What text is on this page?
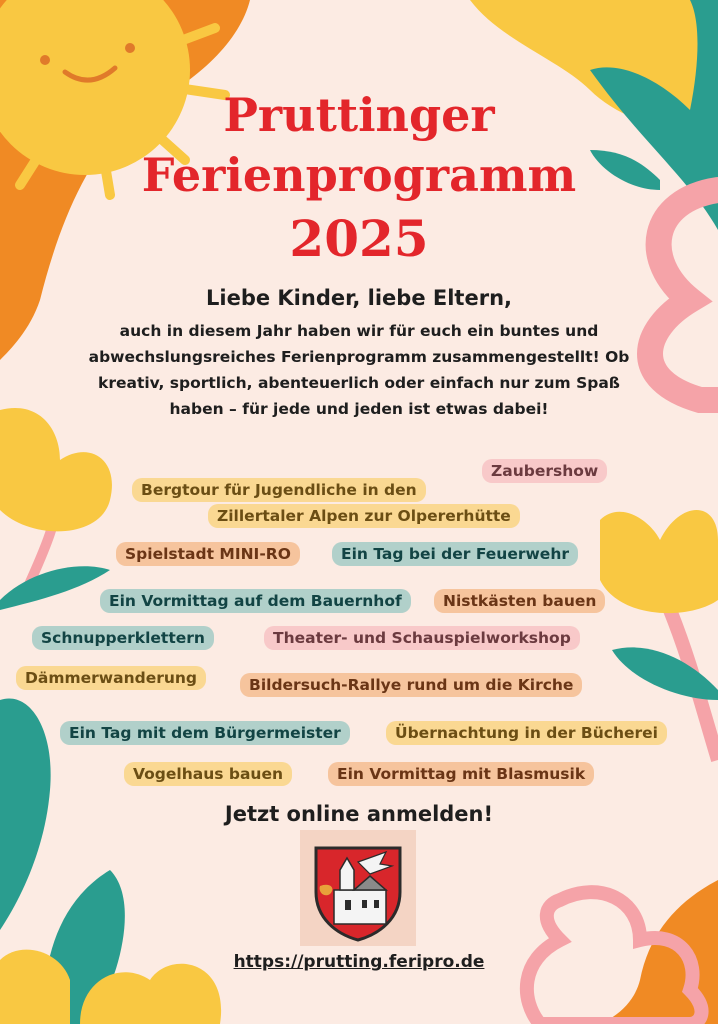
Pruttinger
Ferienprogramm
2025
Liebe Kinder, liebe Eltern,
auch in diesem Jahr haben wir für euch ein buntes und abwechslungsreiches Ferienprogramm zusammengestellt! Ob kreativ, sportlich, abenteuerlich oder einfach nur zum Spaß haben – für jede und jeden ist etwas dabei!
Zaubershow
Bergtour für Jugendliche in den
Zillertaler Alpen zur Olpererhütte
Spielstadt MINI-RO	Ein Tag bei der Feuerwehr
Ein Vormittag auf dem Bauernhof	Nistkästen bauen
Schnupperklettern	Theater- und Schauspielworkshop
Dämmerwanderung	Bildersuch-Rallye rund um die Kirche
Ein Tag mit dem Bürgermeister	Übernachtung in der Bücherei
Vogelhaus bauen	Ein Vormittag mit Blasmusik
Jetzt online anmelden!
https://prutting.feripro.de
